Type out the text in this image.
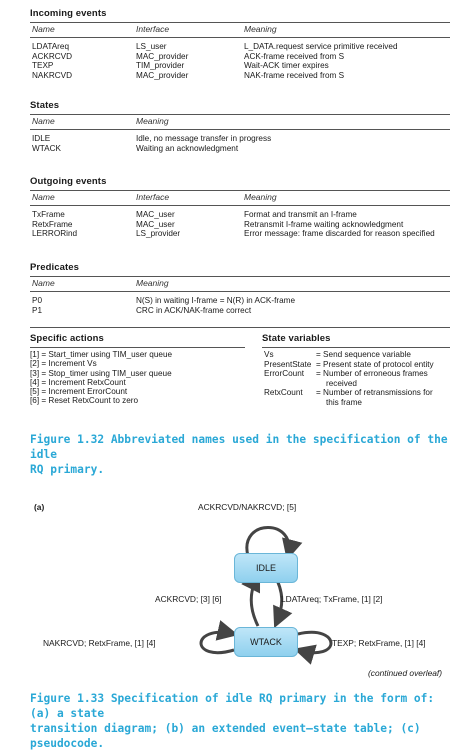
Incoming events
Name	Interface	Meaning
LDATAreq	LS_user	L_DATA.request service primitive received
ACKRCVD	MAC_provider	ACK-frame received from S
TEXP	TIM_provider	Wait-ACK timer expires
NAKRCVD	MAC_provider	NAK-frame received from S
States
Name	Meaning
IDLE	Idle, no message transfer in progress
WTACK	Waiting an acknowledgment
Outgoing events
Name	Interface	Meaning
TxFrame	MAC_user	Format and transmit an I-frame
RetxFrame	MAC_user	Retransmit I-frame waiting acknowledgment
LERRORind	LS_provider	Error message: frame discarded for reason specified
Predicates
Name	Meaning
P0	N(S) in waiting I-frame = N(R) in ACK-frame
P1	CRC in ACK/NAK-frame correct
Specific actions
[1] = Start_timer using TIM_user queue
[2] = Increment Vs
[3] = Stop_timer using TIM_user queue
[4] = Increment RetxCount
[5] = Increment ErrorCount
[6] = Reset RetxCount to zero
State variables
Vs	= Send sequence variable
PresentState = Present state of protocol entity
ErrorCount = Number of erroneous frames
received
RetxCount = Number of retransmissions for
this frame
Figure 1.32 Abbreviated names used in the specification of the idle
RQ primary.
(a)
IDLE
WTACK
ACKRCVD/NAKRCVD; [5]
ACKRCVD; [3] [6]	LDATAreq; TxFrame, [1] [2]
NAKRCVD; RetxFrame, [1] [4]	TEXP; RetxFrame, [1] [4]
(continued overleaf)
Figure 1.33 Specification of idle RQ primary in the form of: (a) a state
transition diagram; (b) an extended event–state table; (c) pseudocode.
